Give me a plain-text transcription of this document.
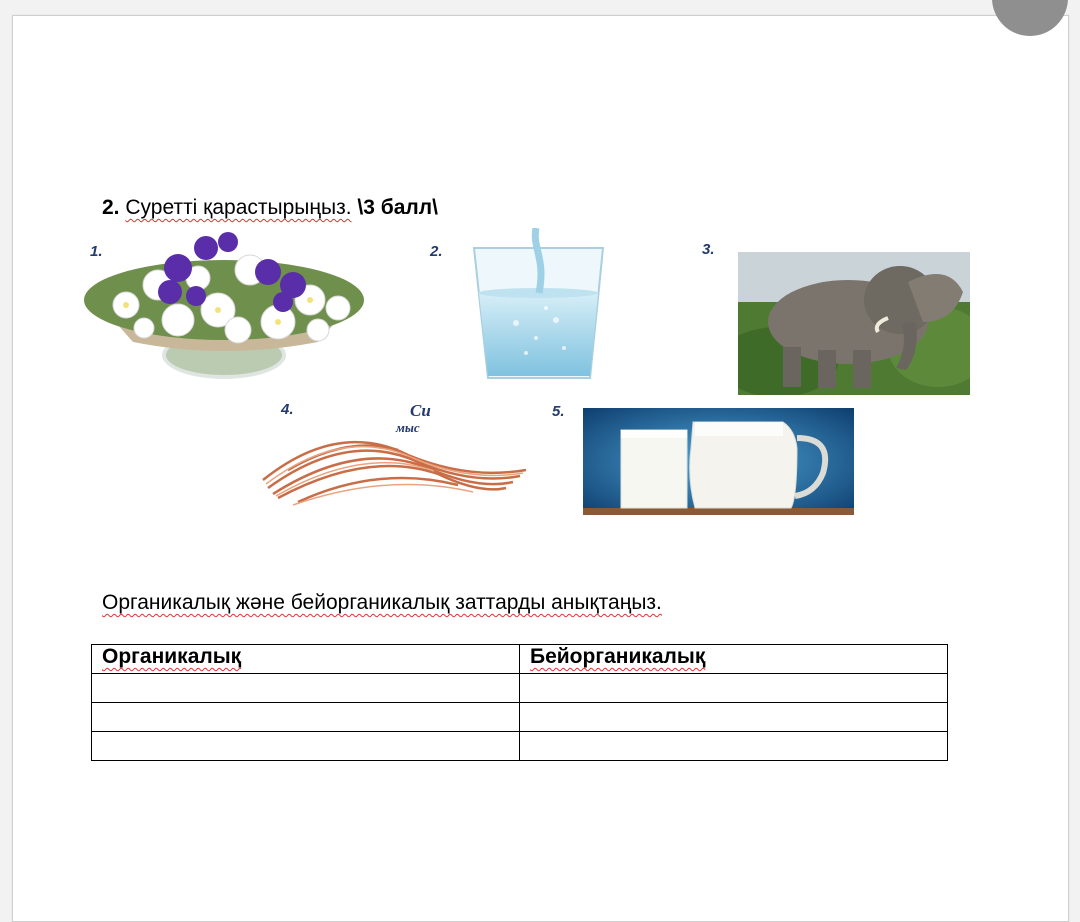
2. Суретті қарастырыңыз. \3 балл\
1.	2.	3.
4.	Cu
мыс
5.
Органикалық және бейорганикалық заттарды анықтаңыз.
Органикалық	Бейорганикалық
